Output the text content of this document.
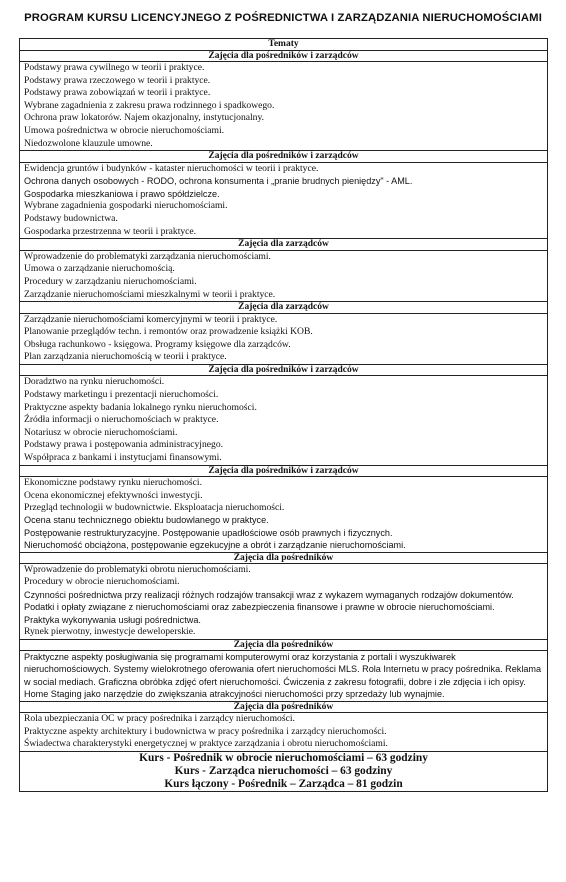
PROGRAM KURSU LICENCYJNEGO Z POŚREDNICTWA I ZARZĄDZANIA NIERUCHOMOŚCIAMI
Tematy
Zajęcia dla pośredników i zarządców

Podstawy prawa cywilnego w teorii i praktyce.
Podstawy prawa rzeczowego w teorii i praktyce.
Podstawy prawa zobowiązań w teorii i praktyce.
Wybrane zagadnienia z zakresu prawa rodzinnego i spadkowego.
Ochrona praw lokatorów. Najem okazjonalny, instytucjonalny.
Umowa pośrednictwa w obrocie nieruchomościami.
Niedozwolone klauzule umowne.

Zajęcia dla pośredników i zarządców

Ewidencja gruntów i budynków - kataster nieruchomości w teorii i praktyce.
Ochrona danych osobowych - RODO, ochrona konsumenta i „pranie brudnych pieniędzy" - AML.
Gospodarka mieszkaniowa i prawo spółdzielcze.
Wybrane zagadnienia gospodarki nieruchomościami.
Podstawy budownictwa.
Gospodarka przestrzenna w teorii i praktyce.

Zajęcia dla zarządców

Wprowadzenie do problematyki zarządzania nieruchomościami.
Umowa o zarządzanie nieruchomością.
Procedury w zarządzaniu nieruchomościami.
Zarządzanie nieruchomościami mieszkalnymi w teorii i praktyce.

Zajęcia dla zarządców

Zarządzanie nieruchomościami komercyjnymi w teorii i praktyce.
Planowanie przeglądów techn. i remontów oraz prowadzenie książki KOB.
Obsługa rachunkowo - księgowa. Programy księgowe dla zarządców.
Plan zarządzania nieruchomością w teorii i praktyce.

Zajęcia dla pośredników i zarządców

Doradztwo na rynku nieruchomości.
Podstawy marketingu i prezentacji nieruchomości.
Praktyczne aspekty badania lokalnego rynku nieruchomości.
Źródła informacji o nieruchomościach w praktyce.
Notariusz w obrocie nieruchomościami.
Podstawy prawa i postępowania administracyjnego.
Współpraca z bankami i instytucjami finansowymi.

Zajęcia dla pośredników i zarządców

Ekonomiczne podstawy rynku nieruchomości.
Ocena ekonomicznej efektywności inwestycji.
Przegląd technologii w budownictwie. Eksploatacja nieruchomości.
Ocena stanu technicznego obiektu budowlanego w praktyce.
Postępowanie restrukturyzacyjne. Postępowanie upadłościowe osób prawnych i fizycznych.
Nieruchomość obciążona, postępowanie egzekucyjne a obrót i zarządzanie nieruchomościami.

Zajęcia dla pośredników

Wprowadzenie do problematyki obrotu nieruchomościami.
Procedury w obrocie nieruchomościami.
Czynności pośrednictwa przy realizacji różnych rodzajów transakcji wraz z wykazem wymaganych rodzajów dokumentów.
Podatki i opłaty związane z nieruchomościami oraz zabezpieczenia finansowe i prawne w obrocie nieruchomościami.
Praktyka wykonywania usługi pośrednictwa.
Rynek pierwotny, inwestycje deweloperskie.

Zajęcia dla pośredników

Praktyczne aspekty posługiwania się programami komputerowymi oraz korzystania z portali i wyszukiwarek nieruchomościowych. Systemy wielokrotnego oferowania ofert nieruchomości MLS. Rola Internetu w pracy pośrednika. Reklama w social mediach. Graficzna obróbka zdjęć ofert nieruchomości. Ćwiczenia z zakresu fotografii, dobre i złe zdjęcia i ich opisy. Home Staging jako narzędzie do zwiększania atrakcyjności nieruchomości przy sprzedaży lub wynajmie.

Zajęcia dla pośredników

Rola ubezpieczania OC w pracy pośrednika i zarządcy nieruchomości.
Praktyczne aspekty architektury i budownictwa w pracy pośrednika i zarządcy nieruchomości.
Świadectwa charakterystyki energetycznej w praktyce zarządzania i obrotu nieruchomościami.

Kurs - Pośrednik w obrocie nieruchomościami – 63 godziny
Kurs - Zarządca nieruchomości – 63 godziny
Kurs łączony - Pośrednik – Zarządca – 81 godzin
